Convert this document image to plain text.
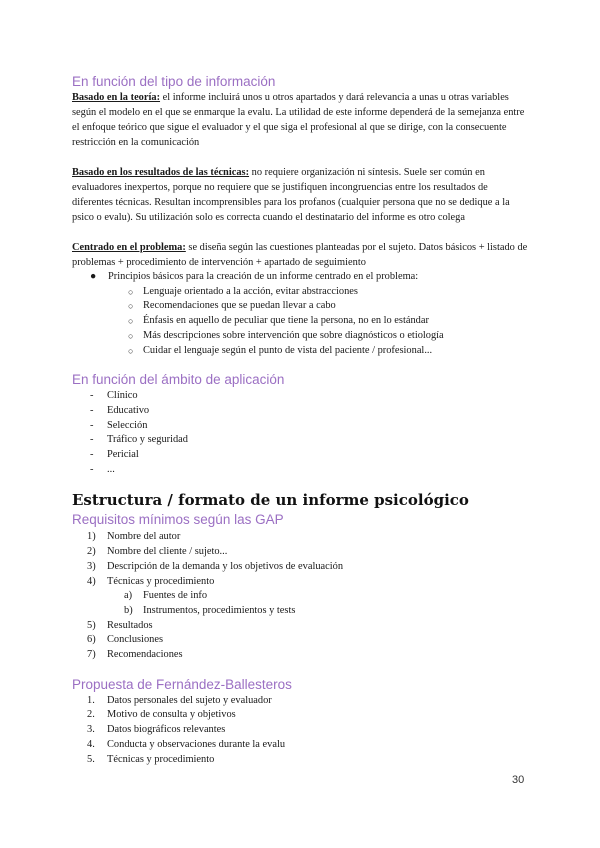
En función del tipo de información

Basado en la teoría: el informe incluirá unos u otros apartados y dará relevancia a unas u otras variables según el modelo en el que se enmarque la evalu. La utilidad de este informe dependerá de la semejanza entre el enfoque teórico que sigue el evaluador y el que siga el profesional al que se dirige, con la consecuente restricción en la comunicación

Basado en los resultados de las técnicas: no requiere organización ni síntesis. Suele ser común en evaluadores inexpertos, porque no requiere que se justifiquen incongruencias entre los resultados de diferentes técnicas. Resultan incomprensibles para los profanos (cualquier persona que no se dedique a la psico o evalu). Su utilización solo es correcta cuando el destinatario del informe es otro colega

Centrado en el problema: se diseña según las cuestiones planteadas por el sujeto. Datos básicos + listado de problemas + procedimiento de intervención + apartado de seguimiento

● Principios básicos para la creación de un informe centrado en el problema:
○ Lenguaje orientado a la acción, evitar abstracciones
○ Recomendaciones que se puedan llevar a cabo
○ Énfasis en aquello de peculiar que tiene la persona, no en lo estándar
○ Más descripciones sobre intervención que sobre diagnósticos o etiología
○ Cuidar el lenguaje según el punto de vista del paciente / profesional...
En función del ámbito de aplicación
- Clínico
- Educativo
- Selección
- Tráfico y seguridad
- Pericial
- ...
Estructura / formato de un informe psicológico
Requisitos mínimos según las GAP
1) Nombre del autor
2) Nombre del cliente / sujeto...
3) Descripción de la demanda y los objetivos de evaluación
4) Técnicas y procedimiento
a) Fuentes de info
b) Instrumentos, procedimientos y tests
5) Resultados
6) Conclusiones
7) Recomendaciones
Propuesta de Fernández-Ballesteros
1. Datos personales del sujeto y evaluador
2. Motivo de consulta y objetivos
3. Datos biográficos relevantes
4. Conducta y observaciones durante la evalu
5. Técnicas y procedimiento
30
